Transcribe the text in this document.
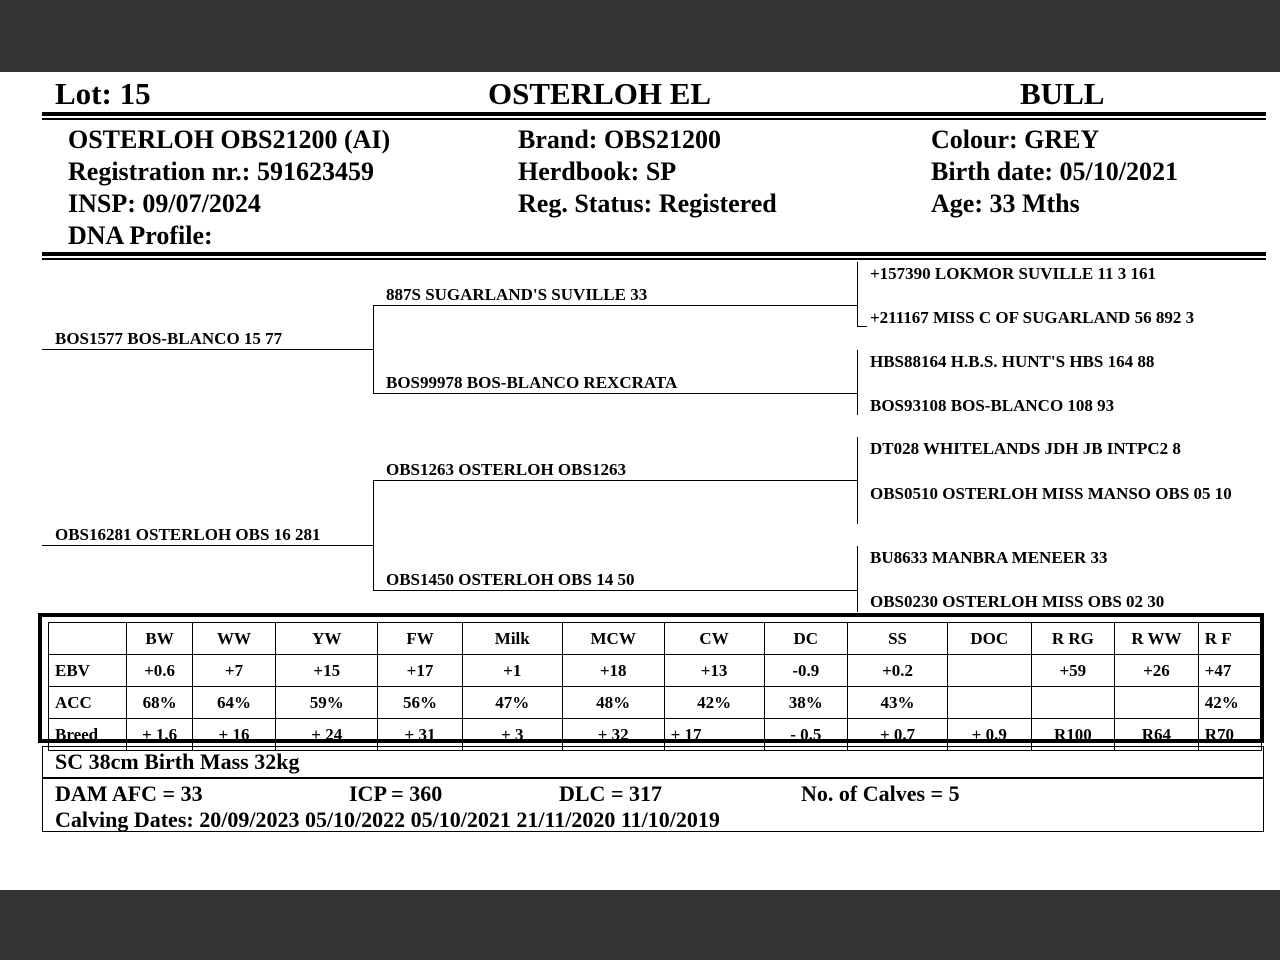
Lot: 15	OSTERLOH EL	BULL
OSTERLOH OBS21200 (AI)
Registration nr.: 591623459
INSP: 09/07/2024
DNA Profile:
Brand: OBS21200
Herdbook: SP
Reg. Status: Registered
Colour: GREY
Birth date: 05/10/2021
Age: 33 Mths
BOS1577 BOS-BLANCO 15 77
OBS16281 OSTERLOH OBS 16 281
887S SUGARLAND'S SUVILLE 33
BOS99978 BOS-BLANCO REXCRATA
OBS1263 OSTERLOH OBS1263
OBS1450 OSTERLOH OBS 14 50
+157390 LOKMOR SUVILLE 11 3 161
+211167 MISS C OF SUGARLAND 56 892 3
HBS88164 H.B.S. HUNT'S HBS 164 88
BOS93108 BOS-BLANCO 108 93
DT028 WHITELANDS JDH JB INTPC2 8
OBS0510 OSTERLOH MISS MANSO OBS 05 10
BU8633 MANBRA MENEER 33
OBS0230 OSTERLOH MISS OBS 02 30
	BW	WW	YW	FW	Milk	MCW	CW	DC	SS	DOC	R RG	R WW	R F
EBV	+0.6	+7	+15	+17	+1	+18	+13	-0.9	+0.2		+59	+26	+47
ACC	68%	64%	59%	56%	47%	48%	42%	38%	43%				42%
Breed	+ 1.6	+ 16	+ 24	+ 31	+ 3	+ 32	+ 17	- 0.5	+ 0.7	+ 0.9	R100	R64	R70
SC 38cm Birth Mass 32kg
DAM AFC = 33	ICP = 360	DLC = 317	No. of Calves = 5
Calving Dates: 20/09/2023 05/10/2022 05/10/2021 21/11/2020 11/10/2019
